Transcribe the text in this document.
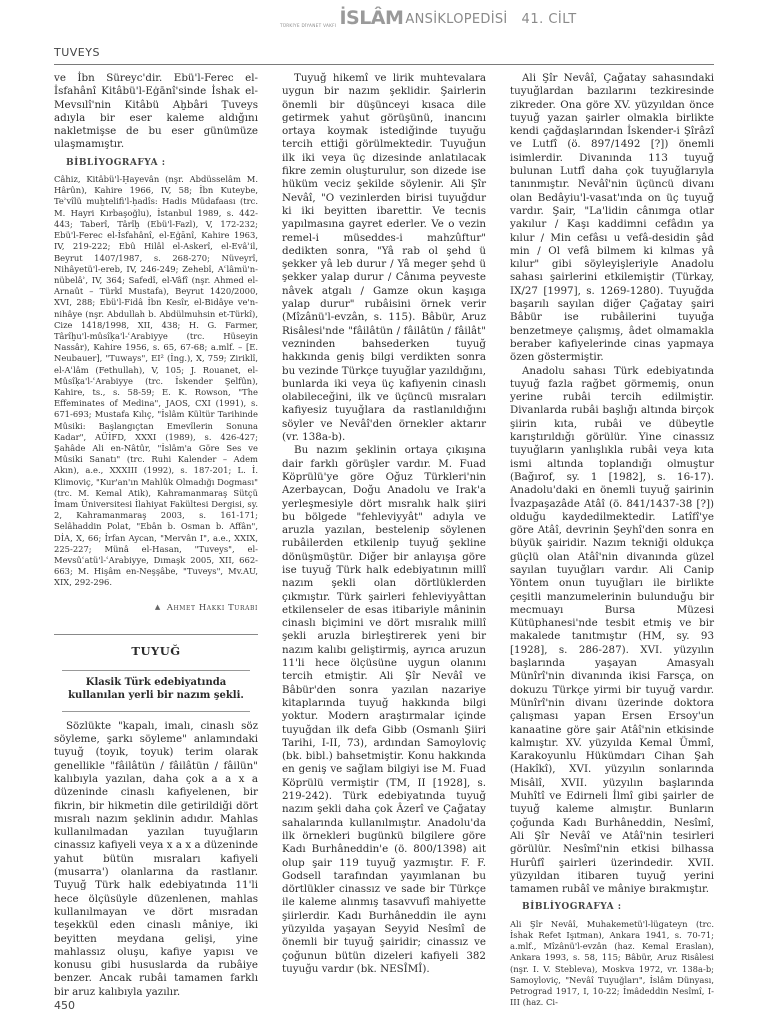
TÜRKİYE DİYANET VAKFI İSLÂM ANSİKLOPEDİSİ 41. CİLT
TUVEYS

ve İbn Süreyc'dir. Ebü'l-Ferec el-İsfahânî Kitâbü'l-Eġānî'sinde İshak el-Mevsılî'nin Kitâbü Aḫbâri Ṭuveys adıyla bir eser kaleme aldığını nakletmişse de bu eser günümüze ulaşmamıştır.

BİBLİYOGRAFYA :

Câhiz, Kitâbü'l-Ḥayevân (nşr. Abdüsselâm M. Hârûn), Kahire 1966, IV, 58; İbn Kuteybe, Teʾvîlü muḫtelifi'l-ḥadîs: Hadis Müdafaası (trc. M. Hayri Kırbaşoğlu), İstanbul 1989, s. 442-443; Taberî, Târîḫ (Ebü'l-Fazl), V, 172-232; Ebü'l-Ferec el-İsfahânî, el-Eġānî, Kahire 1963, IV, 219-222; Ebû Hilâl el-Askerî, el-Evâʾil, Beyrut 1407/1987, s. 268-270; Nüveyrî, Nihâyetü'l-ereb, IV, 246-249; Zehebî, Aʿlâmü'n-nübelâʾ, IV, 364; Safedî, el-Vâfî (nşr. Ahmed el-Arnaût – Türkî Mustafa), Beyrut 1420/2000, XVI, 288; Ebü'l-Fidâ İbn Kesîr, el-Bidâye ve'n-nihâye (nşr. Abdullah b. Abdülmuhsin et-Türkî), Cize 1418/1998, XII, 438; H. G. Farmer, Târîḫu'l-mûsîḳa'l-ʿArabiyye (trc. Hüseyin Nassâr), Kahire 1956, s. 65, 67-68; a.mlf. – [E. Neubauer], "Tuways", EI² (İng.), X, 759; Ziriklî, el-Aʿlâm (Fethullah), V, 105; J. Rouanet, el-Mûsîḳa'l-ʿArabiyye (trc. İskender Şelfûn), Kahire, ts., s. 58-59; E. K. Rowson, "The Effeminates of Medina", JAOS, CXI (1991), s. 671-693; Mustafa Kılıç, "İslâm Kültür Tarihinde Mûsiki: Başlangıçtan Emevîlerin Sonuna Kadar", AÜİFD, XXXI (1989), s. 426-427; Şahâde Ali en-Nâtûr, "İslâm'a Göre Ses ve Mûsiki Sanatı" (trc. Ruhi Kalender – Adem Akın), a.e., XXXIII (1992), s. 187-201; L. İ. Klimoviç, "Kur'an'ın Mahlûk Olmadığı Dogması" (trc. M. Kemal Atik), Kahramanmaraş Sütçü İmam Üniversitesi İlahiyat Fakültesi Dergisi, sy. 2, Kahramanmaraş 2003, s. 161-171; Selâhaddin Polat, "Ebân b. Osman b. Affân", DİA, X, 66; İrfan Aycan, "Mervân I", a.e., XXIX, 225-227; Münâ el-Hasan, "Tuveys", el-Mevsûʿatü'l-ʿArabiyye, Dımaşk 2005, XII, 662-663; M. Hişâm en-Neşşâbe, "Tuveys", Mv.AU, XIX, 292-296.

▲ Ahmet Hakkı Turabi
TUYUĞ
Klasik Türk edebiyatında kullanılan yerli bir nazım şekli.

Sözlükte "kapalı, imalı, cinaslı söz söyleme, şarkı söyleme" anlamındaki tuyuğ (toyık, toyuk) terim olarak genellikle "fâilâtün / fâilâtün / fâilün" kalıbıyla yazılan, daha çok a a x a düzeninde cinaslı kafiyelenen, bir fikrin, bir hikmetin dile getirildiği dört mısralı nazım şeklinin adıdır. Mahlas kullanılmadan yazılan tuyuğların cinassız kafiyeli veya x a x a düzeninde yahut bütün mısraları kafiyeli (musarra') olanlarına da rastlanır. Tuyuğ Türk halk edebiyatında 11'li hece ölçüsüyle düzenlenen, mahlas kullanılmayan ve dört mısradan teşekkül eden cinaslı mâniye, iki beyitten meydana gelişi, yine mahlassız oluşu, kafiye yapısı ve konusu gibi hususlarda da rubâiye benzer. Ancak rubâi tamamen farklı bir aruz kalıbıyla yazılır.

Tuyuğ hikemî ve lirik muhtevalara uygun bir nazım şeklidir. Şairlerin önemli bir düşünceyi kısaca dile getirmek yahut görüşünü, inancını ortaya koymak istediğinde tuyuğu tercih ettiği görülmektedir. Tuyuğun ilk iki veya üç dizesinde anlatılacak fikre zemin oluşturulur, son dizede ise hüküm veciz şekilde söylenir. Ali Şîr Nevâî, "O vezinlerden birisi tuyuğdur ki iki beyitten ibarettir. Ve tecnis yapılmasına gayret ederler. Ve o vezin remel-i müseddes-i mahzûftur" dedikten sonra, "Yâ rab ol şehd ü şekker yâ leb durur / Yâ meger şehd ü şekker yalap durur / Cânıma peyveste nâvek atgalı / Gamze okun kaşıga yalap durur" rubâisini örnek verir (Mîzânü'l-evzân, s. 115). Bâbür, Aruz Risâlesi'nde "fâilâtün / fâilâtün / fâilât" vezninden bahsederken tuyuğ hakkında geniş bilgi verdikten sonra bu vezinde Türkçe tuyuğlar yazıldığını, bunlarda iki veya üç kafiyenin cinaslı olabileceğini, ilk ve üçüncü mısraları kafiyesiz tuyuğlara da rastlanıldığını söyler ve Nevâî'den örnekler aktarır (vr. 138a-b).

Bu nazım şeklinin ortaya çıkışına dair farklı görüşler vardır. M. Fuad Köprülü'ye göre Oğuz Türkleri'nin Azerbaycan, Doğu Anadolu ve Irak'a yerleşmesiyle dört mısralık halk şiiri bu bölgede "fehleviyyât" adıyla ve aruzla yazılan, bestelenip söylenen rubâilerden etkilenip tuyuğ şekline dönüşmüştür. Diğer bir anlayışa göre ise tuyuğ Türk halk edebiyatının millî nazım şekli olan dörtlüklerden çıkmıştır. Türk şairleri fehleviyyâttan etkilenseler de esas itibariyle mâninin cinaslı biçimini ve dört mısralık millî şekli aruzla birleştirerek yeni bir nazım kalıbı geliştirmiş, ayrıca aruzun 11'li hece ölçüsüne uygun olanını tercih etmiştir. Ali Şîr Nevâî ve Bâbür'den sonra yazılan nazariye kitaplarında tuyuğ hakkında bilgi yoktur. Modern araştırmalar içinde tuyuğdan ilk defa Gibb (Osmanlı Şiiri Tarihi, I-II, 73), ardından Samoyloviç (bk. bibl.) bahsetmiştir. Konu hakkında en geniş ve sağlam bilgiyi ise M. Fuad Köprülü vermiştir (TM, II [1928], s. 219-242). Türk edebiyatında tuyuğ nazım şekli daha çok Âzerî ve Çağatay sahalarında kullanılmıştır. Anadolu'da ilk örnekleri bugünkü bilgilere göre Kadı Burhâneddin'e (ö. 800/1398) ait olup şair 119 tuyuğ yazmıştır. F. F. Godsell tarafından yayımlanan bu dörtlükler cinassız ve sade bir Türkçe ile kaleme alınmış tasavvufî mahiyette şiirlerdir. Kadı Burhâneddin ile aynı yüzyılda yaşayan Seyyid Nesîmî de önemli bir tuyuğ şairidir; cinassız ve çoğunun bütün dizeleri kafiyeli 382 tuyuğu vardır (bk. NESÎMÎ).

Ali Şîr Nevâî, Çağatay sahasındaki tuyuğlardan bazılarını tezkiresinde zikreder. Ona göre XV. yüzyıldan önce tuyuğ yazan şairler olmakla birlikte kendi çağdaşlarından İskender-i Şîrâzî ve Lutfî (ö. 897/1492 [?]) önemli isimlerdir. Divanında 113 tuyuğ bulunan Lutfî daha çok tuyuğlarıyla tanınmıştır. Nevâî'nin üçüncü divanı olan Bedâyiu'l-vasat'ında on üç tuyuğ vardır. Şair, "La'lidin cânımga otlar yakılur / Kaşı kaddimni cefâdın ya kılur / Min cefâsı u vefâ-desidin şâd min / Ol vefâ bilmem ki kılmas yâ kılur" gibi söyleyişleriyle Anadolu sahası şairlerini etkilemiştir (Türkay, IX/27 [1997], s. 1269-1280). Tuyuğda başarılı sayılan diğer Çağatay şairi Bâbür ise rubâilerini tuyuğa benzetmeye çalışmış, âdet olmamakla beraber kafiyelerinde cinas yapmaya özen göstermiştir.

Anadolu sahası Türk edebiyatında tuyuğ fazla rağbet görmemiş, onun yerine rubâi tercih edilmiştir. Divanlarda rubâi başlığı altında birçok şiirin kıta, rubâi ve dübeytle karıştırıldığı görülür. Yine cinassız tuyuğların yanlışlıkla rubâi veya kıta ismi altında toplandığı olmuştur (Bağırof, sy. 1 [1982], s. 16-17). Anadolu'daki en önemli tuyuğ şairinin İvazpaşazâde Atâî (ö. 841/1437-38 [?]) olduğu kaydedilmektedir. Latîfî'ye göre Atâî, devrinin Şeyhî'den sonra en büyük şairidir. Nazım tekniği oldukça güçlü olan Atâî'nin divanında güzel sayılan tuyuğları vardır. Ali Canip Yöntem onun tuyuğları ile birlikte çeşitli manzumelerinin bulunduğu bir mecmuayı Bursa Müzesi Kütüphanesi'nde tesbit etmiş ve bir makalede tanıtmıştır (HM, sy. 93 [1928], s. 286-287). XVI. yüzyılın başlarında yaşayan Amasyalı Münîrî'nin divanında ikisi Farsça, on dokuzu Türkçe yirmi bir tuyuğ vardır. Münîrî'nin divanı üzerinde doktora çalışması yapan Ersen Ersoy'un kanaatine göre şair Atâî'nin etkisinde kalmıştır. XV. yüzyılda Kemal Ümmî, Karakoyunlu Hükümdarı Cihan Şah (Hakîkî), XVI. yüzyılın sonlarında Misâlî, XVII. yüzyılın başlarında Muhîtî ve Edirneli İlmî gibi şairler de tuyuğ kaleme almıştır. Bunların çoğunda Kadı Burhâneddin, Nesîmî, Ali Şîr Nevâî ve Atâî'nin tesirleri görülür. Nesîmî'nin etkisi bilhassa Hurûfî şairleri üzerindedir. XVII. yüzyıldan itibaren tuyuğ yerini tamamen rubâî ve mâniye bırakmıştır.

BİBLİYOGRAFYA :

Ali Şîr Nevâî, Muhakemetü'l-lügateyn (trc. İshak Refet Işıtman), Ankara 1941, s. 70-71; a.mlf., Mîzânü'l-evzân (haz. Kemal Eraslan), Ankara 1993, s. 58, 115; Bâbür, Aruz Risâlesi (nşr. I. V. Stebleva), Moskva 1972, vr. 138a-b; Samoyloviç, "Nevâî Tuyuğları", İslâm Dünyası, Petrograd 1917, I, 10-22; İmâdeddin Nesîmî, I-III (haz. Ci-

450
